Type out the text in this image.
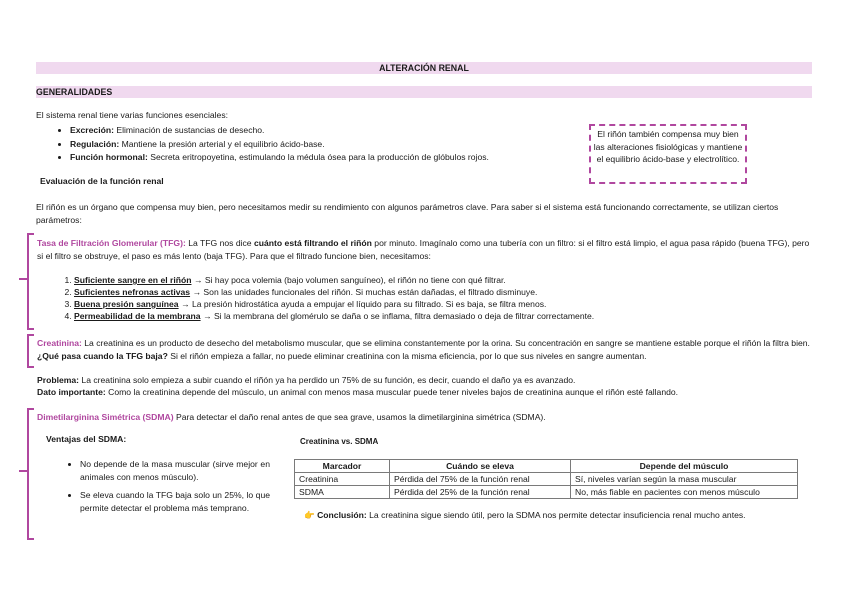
ALTERACIÓN RENAL
GENERALIDADES

El sistema renal tiene varias funciones esenciales:

• Excreción: Eliminación de sustancias de desecho.
• Regulación: Mantiene la presión arterial y el equilibrio ácido-base.
• Función hormonal: Secreta eritropoyetina, estimulando la médula ósea para la producción de glóbulos rojos.
El riñón también compensa muy bien las alteraciones fisiológicas y mantiene el equilibrio ácido-base y electrolítico.

Evaluación de la función renal

El riñón es un órgano que compensa muy bien, pero necesitamos medir su rendimiento con algunos parámetros clave. Para saber si el sistema está funcionando correctamente, se utilizan ciertos parámetros:

Tasa de Filtración Glomerular (TFG): La TFG nos dice cuánto está filtrando el riñón por minuto. Imagínalo como una tubería con un filtro: si el filtro está limpio, el agua pasa rápido (buena TFG), pero si el filtro se obstruye, el paso es más lento (baja TFG). Para que el filtrado funcione bien, necesitamos:

1. Suficiente sangre en el riñón → Si hay poca volemia (bajo volumen sanguíneo), el riñón no tiene con qué filtrar.
2. Suficientes nefronas activas → Son las unidades funcionales del riñón. Si muchas están dañadas, el filtrado disminuye.
3. Buena presión sanguínea → La presión hidrostática ayuda a empujar el líquido para su filtrado. Si es baja, se filtra menos.
4. Permeabilidad de la membrana → Si la membrana del glomérulo se daña o se inflama, filtra demasiado o deja de filtrar correctamente.

Creatinina: La creatinina es un producto de desecho del metabolismo muscular, que se elimina constantemente por la orina. Su concentración en sangre se mantiene estable porque el riñón la filtra bien. ¿Qué pasa cuando la TFG baja? Si el riñón empieza a fallar, no puede eliminar creatinina con la misma eficiencia, por lo que sus niveles en sangre aumentan.

Problema: La creatinina solo empieza a subir cuando el riñón ya ha perdido un 75% de su función, es decir, cuando el daño ya es avanzado.
Dato importante: Como la creatinina depende del músculo, un animal con menos masa muscular puede tener niveles bajos de creatinina aunque el riñón esté fallando.

Dimetilarginina Simétrica (SDMA) Para detectar el daño renal antes de que sea grave, usamos la dimetilarginina simétrica (SDMA).

Ventajas del SDMA:

• No depende de la masa muscular (sirve mejor en animales con menos músculo).
• Se eleva cuando la TFG baja solo un 25%, lo que permite detectar el problema más temprano.

Creatinina vs. SDMA

Marcador	Cuándo se eleva	Depende del músculo
Creatinina	Pérdida del 75% de la función renal	Sí, niveles varían según la masa muscular
SDMA	Pérdida del 25% de la función renal	No, más fiable en pacientes con menos músculo

👉 Conclusión: La creatinina sigue siendo útil, pero la SDMA nos permite detectar insuficiencia renal mucho antes.
